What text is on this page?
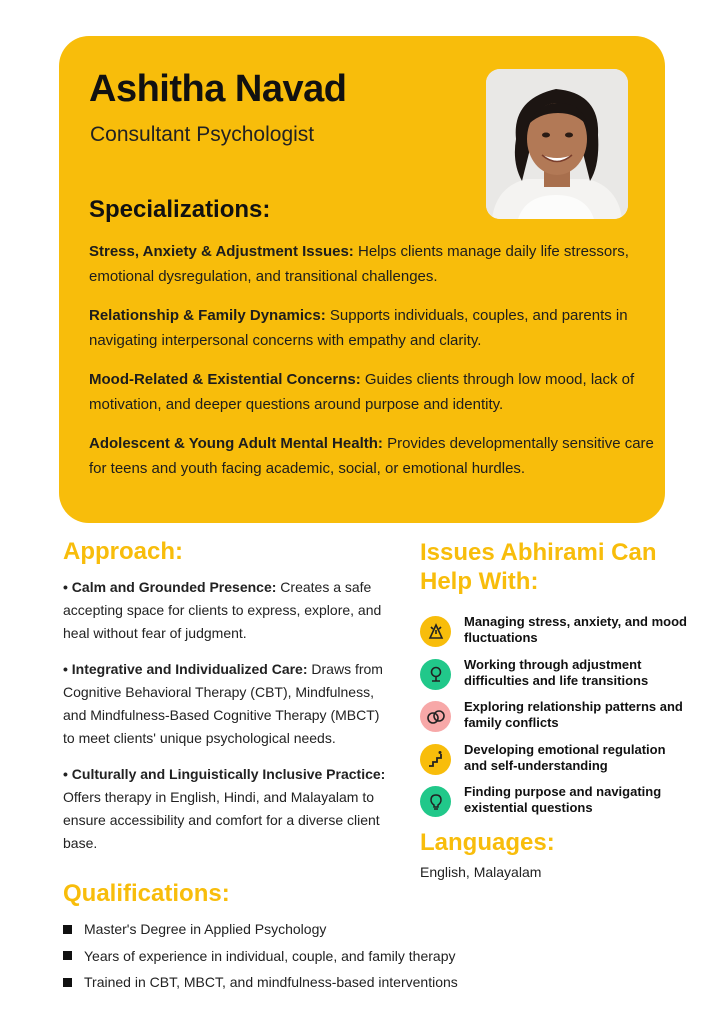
Ashitha Navad
Consultant Psychologist
Specializations:

Stress, Anxiety & Adjustment Issues: Helps clients manage daily life stressors, emotional dysregulation, and transitional challenges.

Relationship & Family Dynamics: Supports individuals, couples, and parents in navigating interpersonal concerns with empathy and clarity.

Mood-Related & Existential Concerns: Guides clients through low mood, lack of motivation, and deeper questions around purpose and identity.

Adolescent & Young Adult Mental Health: Provides developmentally sensitive care for teens and youth facing academic, social, or emotional hurdles.

Approach:

• Calm and Grounded Presence: Creates a safe accepting space for clients to express, explore, and heal without fear of judgment.

• Integrative and Individualized Care: Draws from Cognitive Behavioral Therapy (CBT), Mindfulness, and Mindfulness-Based Cognitive Therapy (MBCT) to meet clients' unique psychological needs.

• Culturally and Linguistically Inclusive Practice: Offers therapy in English, Hindi, and Malayalam to ensure accessibility and comfort for a diverse client base.

Issues Abhirami Can Help With:
Managing stress, anxiety, and mood fluctuations
Working through adjustment difficulties and life transitions
Exploring relationship patterns and family conflicts
Developing emotional regulation and self-understanding
Finding purpose and navigating existential questions
Languages:
English, Malayalam
Qualifications:
Master's Degree in Applied Psychology
Years of experience in individual, couple, and family therapy
Trained in CBT, MBCT, and mindfulness-based interventions
